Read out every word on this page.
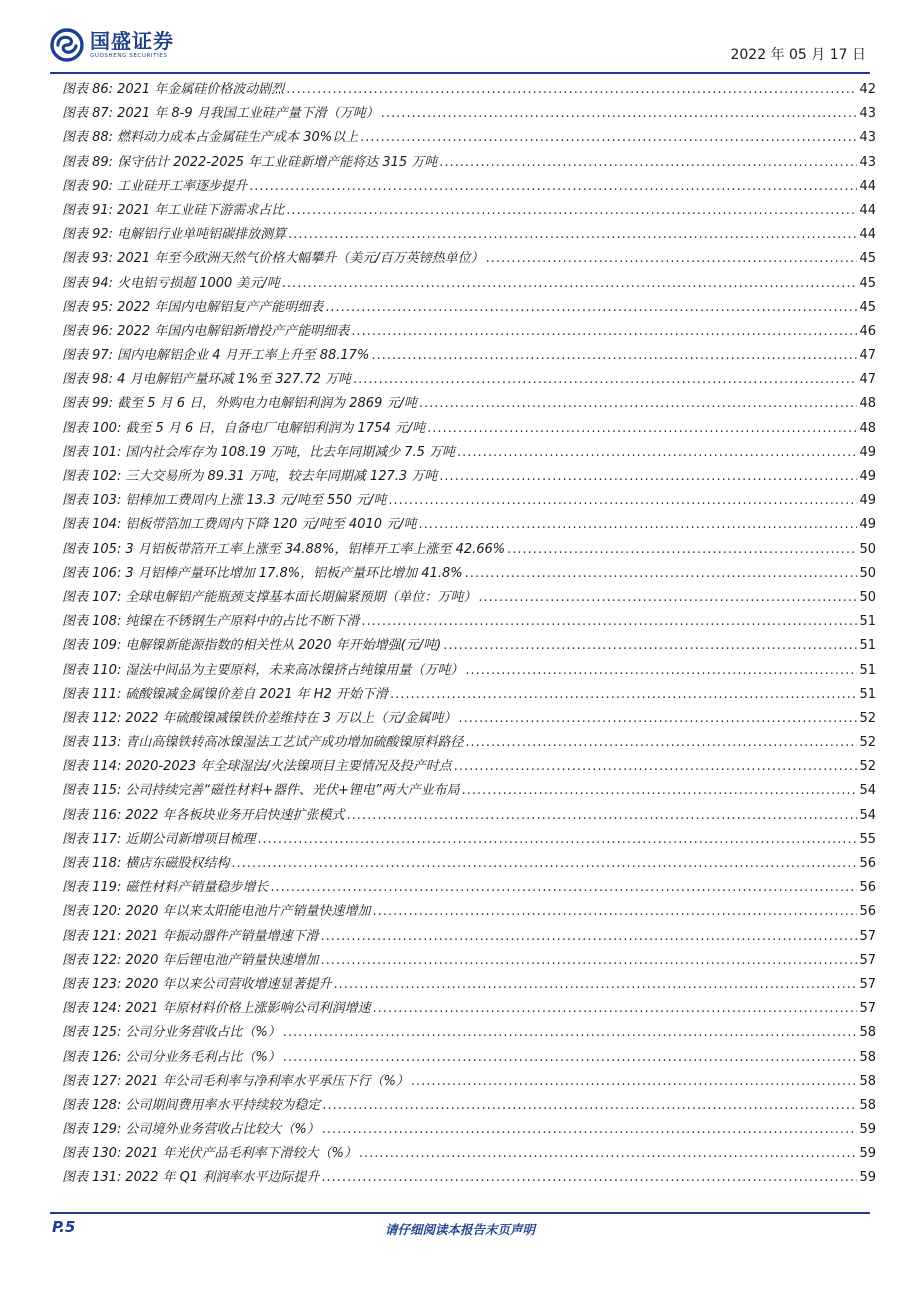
国盛证券
GUOSHENG SECURITIES	2022 年 05 月 17 日
图表 86: 2021 年金属硅价格波动剧烈 .....	42
图表 87: 2021 年 8-9 月我国工业硅产量下滑（万吨） .....	43
图表 88: 燃料动力成本占金属硅生产成本 30%以上 .....	43
图表 89: 保守估计 2022-2025 年工业硅新增产能将达 315 万吨 .....	43
图表 90: 工业硅开工率逐步提升 .....	44
图表 91: 2021 年工业硅下游需求占比 .....	44
图表 92: 电解铝行业单吨铝碳排放测算 .....	44
图表 93: 2021 年至今欧洲天然气价格大幅攀升（美元/百万英镑热单位） .....	45
图表 94: 火电铝亏损超 1000 美元/吨 .....	45
图表 95: 2022 年国内电解铝复产产能明细表 .....	45
图表 96: 2022 年国内电解铝新增投产产能明细表 .....	46
图表 97: 国内电解铝企业 4 月开工率上升至 88.17% .....	47
图表 98: 4 月电解铝产量环减 1%至 327.72 万吨 .....	47
图表 99: 截至 5 月 6 日，外购电力电解铝利润为 2869 元/吨 .....	48
图表 100: 截至 5 月 6 日，自备电厂电解铝利润为 1754 元/吨 .....	48
图表 101: 国内社会库存为 108.19 万吨，比去年同期减少 7.5 万吨 .....	49
图表 102: 三大交易所为 89.31 万吨，较去年同期减 127.3 万吨 .....	49
图表 103: 铝棒加工费周内上涨 13.3 元/吨至 550 元/吨 .....	49
图表 104: 铝板带箔加工费周内下降 120 元/吨至 4010 元/吨 .....	49
图表 105: 3 月铝板带箔开工率上涨至 34.88%，铝棒开工率上涨至 42.66% .....	50
图表 106: 3 月铝棒产量环比增加 17.8%，铝板产量环比增加 41.8% .....	50
图表 107: 全球电解铝产能瓶颈支撑基本面长期偏紧预期（单位：万吨） .....	50
图表 108: 纯镍在不锈钢生产原料中的占比不断下滑 .....	51
图表 109: 电解镍新能源指数的相关性从 2020 年开始增强(元/吨) .....	51
图表 110: 湿法中间品为主要原料，未来高冰镍挤占纯镍用量（万吨） .....	51
图表 111: 硫酸镍减金属镍价差自 2021 年 H2 开始下滑 .....	51
图表 112: 2022 年硫酸镍减镍铁价差维持在 3 万以上（元/金属吨） .....	52
图表 113: 青山高镍铁转高冰镍湿法工艺试产成功增加硫酸镍原料路径 .....	52
图表 114: 2020-2023 年全球湿法/火法镍项目主要情况及投产时点 .....	52
图表 115: 公司持续完善“磁性材料+器件、光伏+锂电”两大产业布局 .....	54
图表 116: 2022 年各板块业务开启快速扩张模式 .....	54
图表 117: 近期公司新增项目梳理 .....	55
图表 118: 横店东磁股权结构 .....	56
图表 119: 磁性材料产销量稳步增长 .....	56
图表 120: 2020 年以来太阳能电池片产销量快速增加 .....	56
图表 121: 2021 年振动器件产销量增速下滑 .....	57
图表 122: 2020 年后锂电池产销量快速增加 .....	57
图表 123: 2020 年以来公司营收增速显著提升 .....	57
图表 124: 2021 年原材料价格上涨影响公司利润增速 .....	57
图表 125: 公司分业务营收占比（%） .....	58
图表 126: 公司分业务毛利占比（%） .....	58
图表 127: 2021 年公司毛利率与净利率水平承压下行（%） .....	58
图表 128: 公司期间费用率水平持续较为稳定 .....	58
图表 129: 公司境外业务营收占比较大（%） .....	59
图表 130: 2021 年光伏产品毛利率下滑较大（%） .....	59
图表 131: 2022 年 Q1 利润率水平边际提升 .....	59
P.5	请仔细阅读本报告末页声明
